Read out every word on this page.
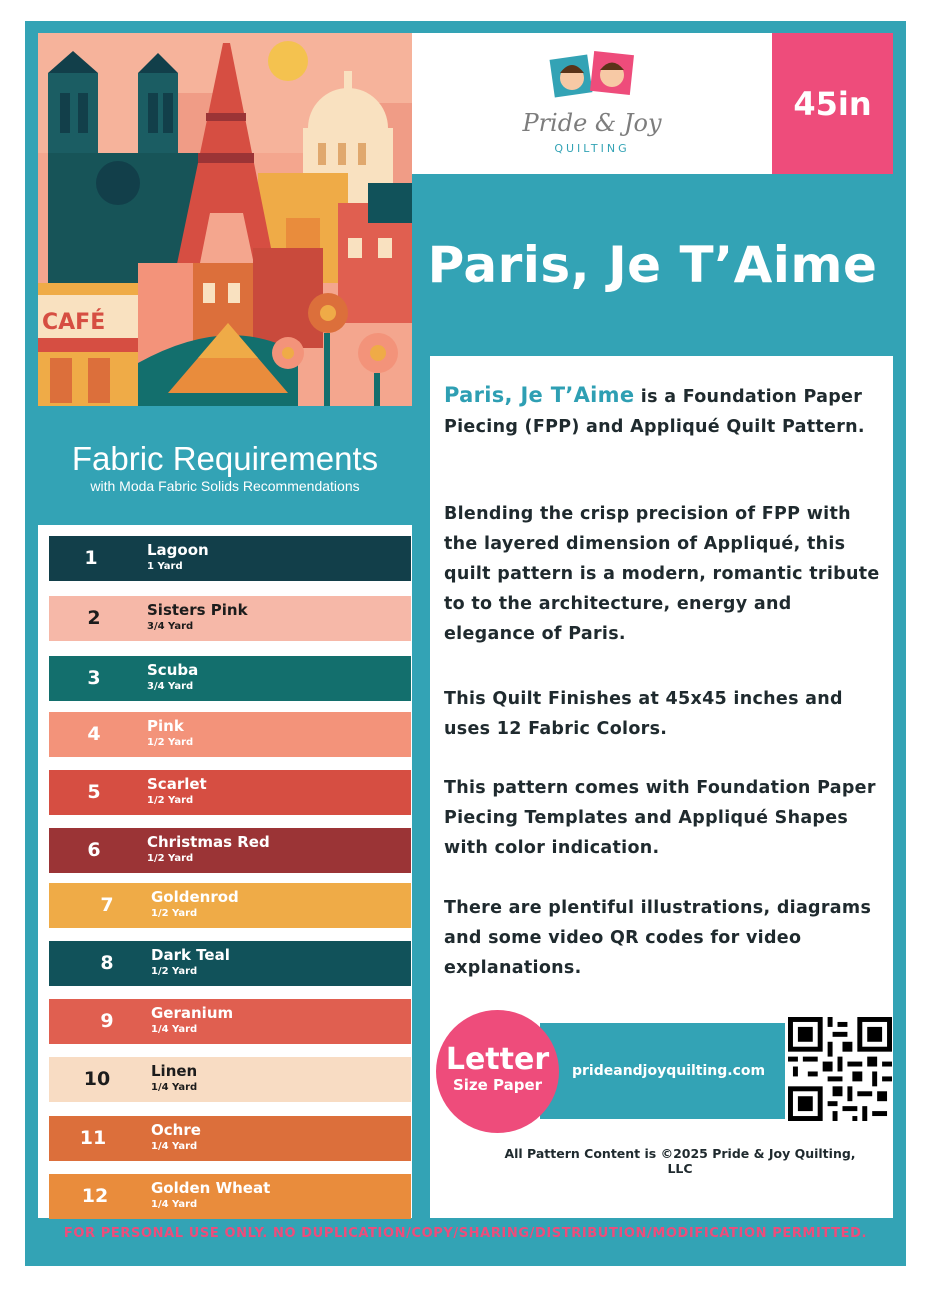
CAFÉ
Pride & Joy
QUILTING
45in
Paris, Je T’Aime
Fabric Requirements
with Moda Fabric Solids Recommendations
1	Lagoon
1 Yard
2	Sisters Pink
3/4 Yard
3	Scuba
3/4 Yard
4	Pink
1/2 Yard
5	Scarlet
1/2 Yard
6	Christmas Red
1/2 Yard
7	Goldenrod
1/2 Yard
8	Dark Teal
1/2 Yard
9	Geranium
1/4 Yard
10	Linen
1/4 Yard
11	Ochre
1/4 Yard
12	Golden Wheat
1/4 Yard
Paris, Je T’Aime is a Foundation Paper Piecing (FPP) and Appliqué Quilt Pattern.
Blending the crisp precision of FPP with the layered dimension of Appliqué, this quilt pattern is a modern, romantic tribute to to the architecture, energy and elegance of Paris.
This Quilt Finishes at 45x45 inches and uses 12 Fabric Colors.
This pattern comes with Foundation Paper Piecing Templates and Appliqué Shapes with color indication.
There are plentiful illustrations, diagrams and some video QR codes for video explanations.
prideandjoyquilting.com
Letter
Size Paper
All Pattern Content is ©2025 Pride & Joy Quilting, LLC
FOR PERSONAL USE ONLY. NO DUPLICATION/COPY/SHARING/DISTRIBUTION/MODIFICATION PERMITTED.
